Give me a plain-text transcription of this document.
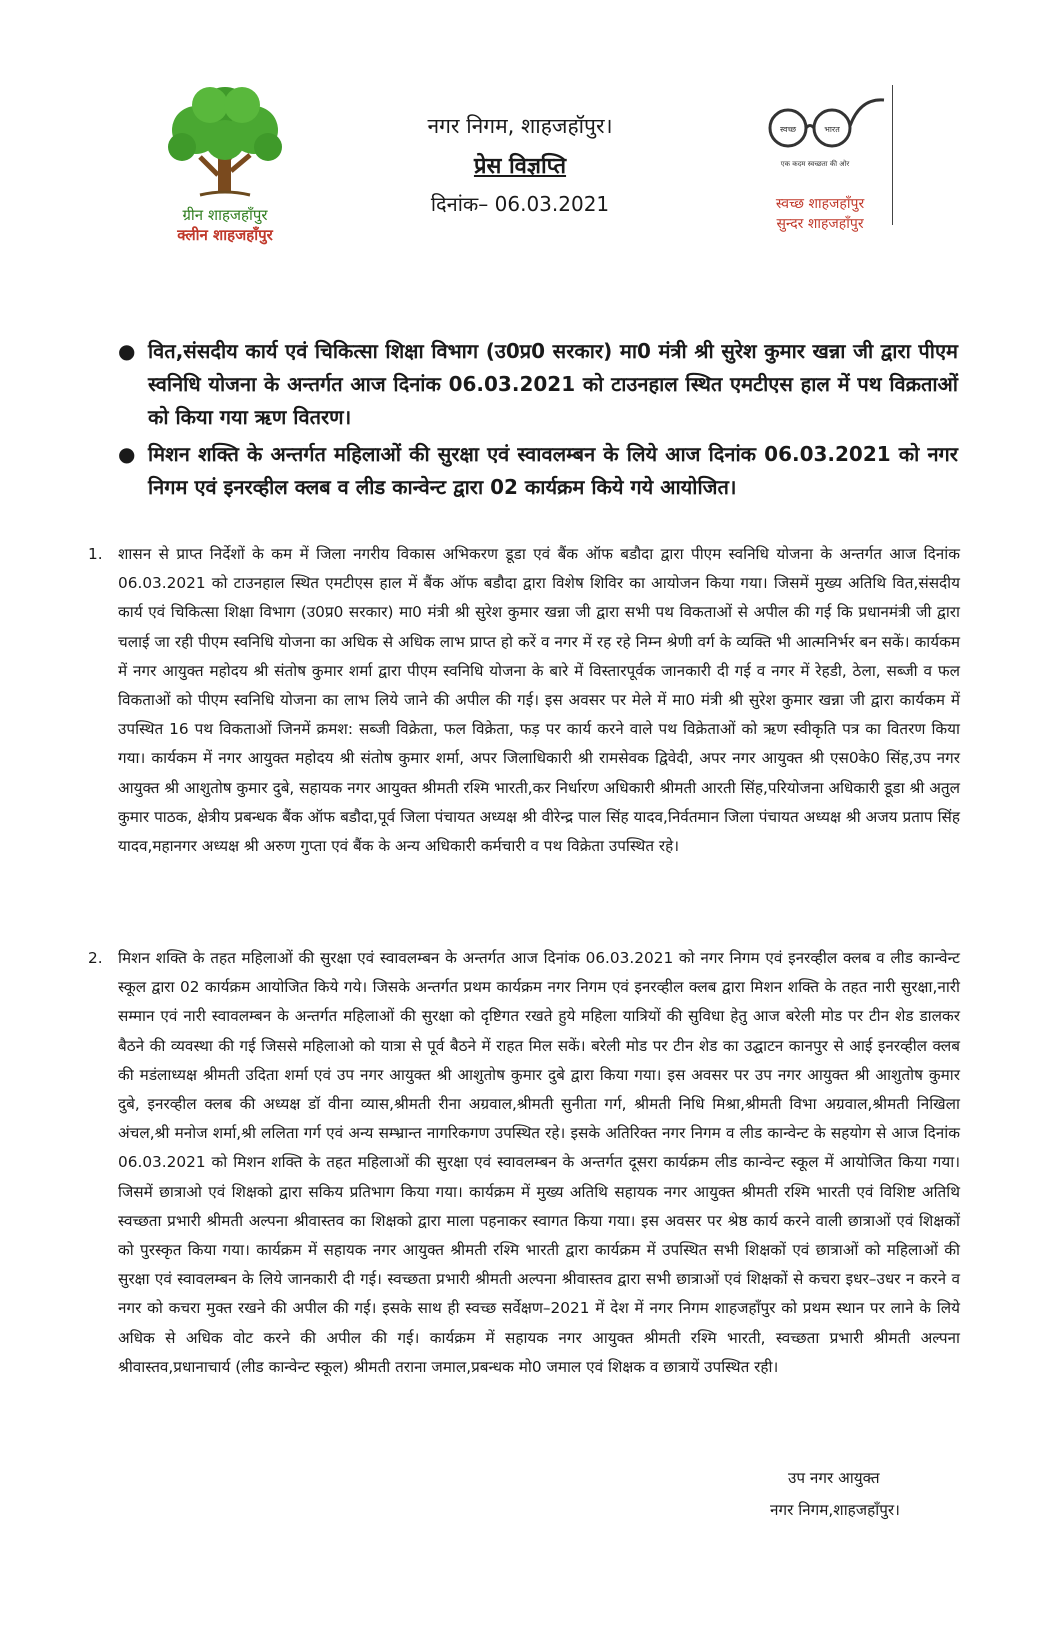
ग्रीन शाहजहाँपुर
क्लीन शाहजहाँपुर
नगर निगम, शाहजहॉपुर।
प्रेस विज्ञप्ति
दिनांक– 06.03.2021
स्वच्छ	भारत
एक कदम स्वच्छता की ओर
स्वच्छ शाहजहाँपुर
सुन्दर शाहजहाँपुर
● वित,संसदीय कार्य एवं चिकित्सा शिक्षा विभाग (उ0प्र0 सरकार) मा0 मंत्री श्री सुरेश कुमार खन्ना जी द्वारा पीएम स्वनिधि योजना के अन्तर्गत आज दिनांक 06.03.2021 को टाउनहाल स्थित एमटीएस हाल में पथ विक्रताओं को किया गया ऋण वितरण।
● मिशन शक्ति के अन्तर्गत महिलाओं की सुरक्षा एवं स्वावलम्बन के लिये आज दिनांक 06.03.2021 को नगर निगम एवं इनरव्हील क्लब व लीड कान्वेन्ट द्वारा 02 कार्यक्रम किये गये आयोजित।
1. शासन से प्राप्त निर्देशों के कम में जिला नगरीय विकास अभिकरण डूडा एवं बैंक ऑफ बडौदा द्वारा पीएम स्वनिधि योजना के अन्तर्गत आज दिनांक 06.03.2021 को टाउनहाल स्थित एमटीएस हाल में बैंक ऑफ बडौदा द्वारा विशेष शिविर का आयोजन किया गया। जिसमें मुख्य अतिथि वित,संसदीय कार्य एवं चिकित्सा शिक्षा विभाग (उ0प्र0 सरकार) मा0 मंत्री श्री सुरेश कुमार खन्ना जी द्वारा सभी पथ विकताओं से अपील की गई कि प्रधानमंत्री जी द्वारा चलाई जा रही पीएम स्वनिधि योजना का अधिक से अधिक लाभ प्राप्त हो करें व नगर में रह रहे निम्न श्रेणी वर्ग के व्यक्ति भी आत्मनिर्भर बन सकें। कार्यकम में नगर आयुक्त महोदय श्री संतोष कुमार शर्मा द्वारा पीएम स्वनिधि योजना के बारे में विस्तारपूर्वक जानकारी दी गई व नगर में रेहडी, ठेला, सब्जी व फल विकताओं को पीएम स्वनिधि योजना का लाभ लिये जाने की अपील की गई। इस अवसर पर मेले में मा0 मंत्री श्री सुरेश कुमार खन्ना जी द्वारा कार्यकम में उपस्थित 16 पथ विकताओं जिनमें क्रमश: सब्जी विक्रेता, फल विक्रेता, फड़ पर कार्य करने वाले पथ विक्रेताओं को ऋण स्वीकृति पत्र का वितरण किया गया। कार्यकम में नगर आयुक्त महोदय श्री संतोष कुमार शर्मा, अपर जिलाधिकारी श्री रामसेवक द्विवेदी, अपर नगर आयुक्त श्री एस0के0 सिंह,उप नगर आयुक्त श्री आशुतोष कुमार दुबे, सहायक नगर आयुक्त श्रीमती रश्मि भारती,कर निर्धारण अधिकारी श्रीमती आरती सिंह,परियोजना अधिकारी डूडा श्री अतुल कुमार पाठक, क्षेत्रीय प्रबन्धक बैंक ऑफ बडौदा,पूर्व जिला पंचायत अध्यक्ष श्री वीरेन्द्र पाल सिंह यादव,निर्वतमान जिला पंचायत अध्यक्ष श्री अजय प्रताप सिंह यादव,महानगर अध्यक्ष श्री अरुण गुप्ता एवं बैंक के अन्य अधिकारी कर्मचारी व पथ विक्रेता उपस्थित रहे।
2. मिशन शक्ति के तहत महिलाओं की सुरक्षा एवं स्वावलम्बन के अन्तर्गत आज दिनांक 06.03.2021 को नगर निगम एवं इनरव्हील क्लब व लीड कान्वेन्ट स्कूल द्वारा 02 कार्यक्रम आयोजित किये गये। जिसके अन्तर्गत प्रथम कार्यक्रम नगर निगम एवं इनरव्हील क्लब द्वारा मिशन शक्ति के तहत नारी सुरक्षा,नारी सम्मान एवं नारी स्वावलम्बन के अन्तर्गत महिलाओं की सुरक्षा को दृष्टिगत रखते हुये महिला यात्रियों की सुविधा हेतु आज बरेली मोड पर टीन शेड डालकर बैठने की व्यवस्था की गई जिससे महिलाओ को यात्रा से पूर्व बैठने में राहत मिल सकें। बरेली मोड पर टीन शेड का उद्घाटन कानपुर से आई इनरव्हील क्लब की मडंलाध्यक्ष श्रीमती उदिता शर्मा एवं उप नगर आयुक्त श्री आशुतोष कुमार दुबे द्वारा किया गया। इस अवसर पर उप नगर आयुक्त श्री आशुतोष कुमार दुबे, इनरव्हील क्लब की अध्यक्ष डॉ वीना व्यास,श्रीमती रीना अग्रवाल,श्रीमती सुनीता गर्ग, श्रीमती निधि मिश्रा,श्रीमती विभा अग्रवाल,श्रीमती निखिला अंचल,श्री मनोज शर्मा,श्री ललिता गर्ग एवं अन्य सम्भ्रान्त नागरिकगण उपस्थित रहे। इसके अतिरिक्त नगर निगम व लीड कान्वेन्ट के सहयोग से आज दिनांक 06.03.2021 को मिशन शक्ति के तहत महिलाओं की सुरक्षा एवं स्वावलम्बन के अन्तर्गत दूसरा कार्यक्रम लीड कान्वेन्ट स्कूल में आयोजित किया गया। जिसमें छात्राओ एवं शिक्षको द्वारा सकिय प्रतिभाग किया गया। कार्यक्रम में मुख्य अतिथि सहायक नगर आयुक्त श्रीमती रश्मि भारती एवं विशिष्ट अतिथि स्वच्छता प्रभारी श्रीमती अल्पना श्रीवास्तव का शिक्षको द्वारा माला पहनाकर स्वागत किया गया। इस अवसर पर श्रेष्ठ कार्य करने वाली छात्राओं एवं शिक्षकों को पुरस्कृत किया गया। कार्यक्रम में सहायक नगर आयुक्त श्रीमती रश्मि भारती द्वारा कार्यक्रम में उपस्थित सभी शिक्षकों एवं छात्राओं को महिलाओं की सुरक्षा एवं स्वावलम्बन के लिये जानकारी दी गई। स्वच्छता प्रभारी श्रीमती अल्पना श्रीवास्तव द्वारा सभी छात्राओं एवं शिक्षकों से कचरा इधर–उधर न करने व नगर को कचरा मुक्त रखने की अपील की गई। इसके साथ ही स्वच्छ सर्वेक्षण–2021 में देश में नगर निगम शाहजहाँपुर को प्रथम स्थान पर लाने के लिये अधिक से अधिक वोट करने की अपील की गई। कार्यक्रम में सहायक नगर आयुक्त श्रीमती रश्मि भारती, स्वच्छता प्रभारी श्रीमती अल्पना श्रीवास्तव,प्रधानाचार्य (लीड कान्वेन्ट स्कूल) श्रीमती तराना जमाल,प्रबन्धक मो0 जमाल एवं शिक्षक व छात्रायें उपस्थित रही।
उप नगर आयुक्त
नगर निगम,शाहजहाँपुर।
